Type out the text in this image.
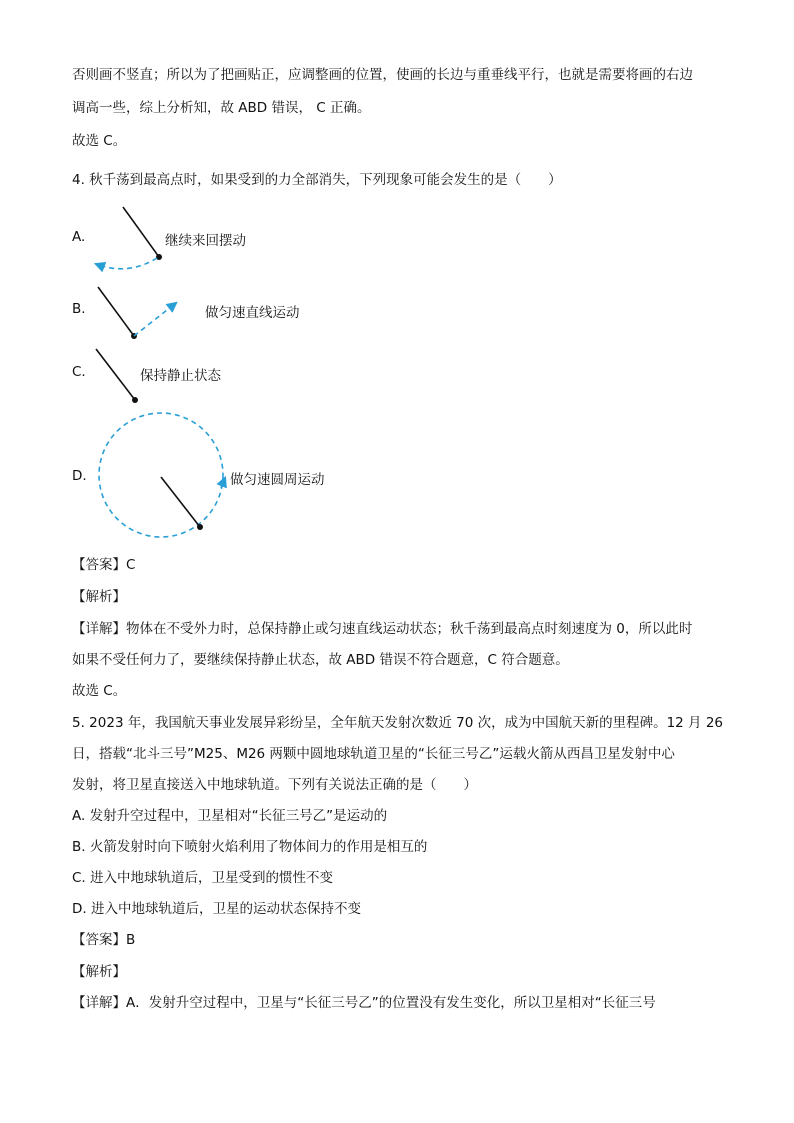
否则画不竖直；所以为了把画贴正，应调整画的位置，使画的长边与重垂线平行，也就是需要将画的右边
调高一些，综上分析知，故 ABD 错误， C 正确。
故选 C。
4. 秋千荡到最高点时，如果受到的力全部消失，下列现象可能会发生的是（　　）
A.	继续来回摆动
B.	做匀速直线运动
C.	保持静止状态
D.	做匀速圆周运动
【答案】C
【解析】
【详解】物体在不受外力时，总保持静止或匀速直线运动状态；秋千荡到最高点时刻速度为 0，所以此时
如果不受任何力了，要继续保持静止状态，故 ABD 错误不符合题意，C 符合题意。
故选 C。
5. 2023 年，我国航天事业发展异彩纷呈，全年航天发射次数近 70 次，成为中国航天新的里程碑。12 月 26
日，搭载“北斗三号”M25、M26 两颗中圆地球轨道卫星的“长征三号乙”运载火箭从西昌卫星发射中心
发射，将卫星直接送入中地球轨道。下列有关说法正确的是（　　）
A. 发射升空过程中，卫星相对“长征三号乙”是运动的
B. 火箭发射时向下喷射火焰利用了物体间力的作用是相互的
C. 进入中地球轨道后，卫星受到的惯性不变
D. 进入中地球轨道后，卫星的运动状态保持不变
【答案】B
【解析】
【详解】A．发射升空过程中，卫星与“长征三号乙”的位置没有发生变化，所以卫星相对“长征三号
